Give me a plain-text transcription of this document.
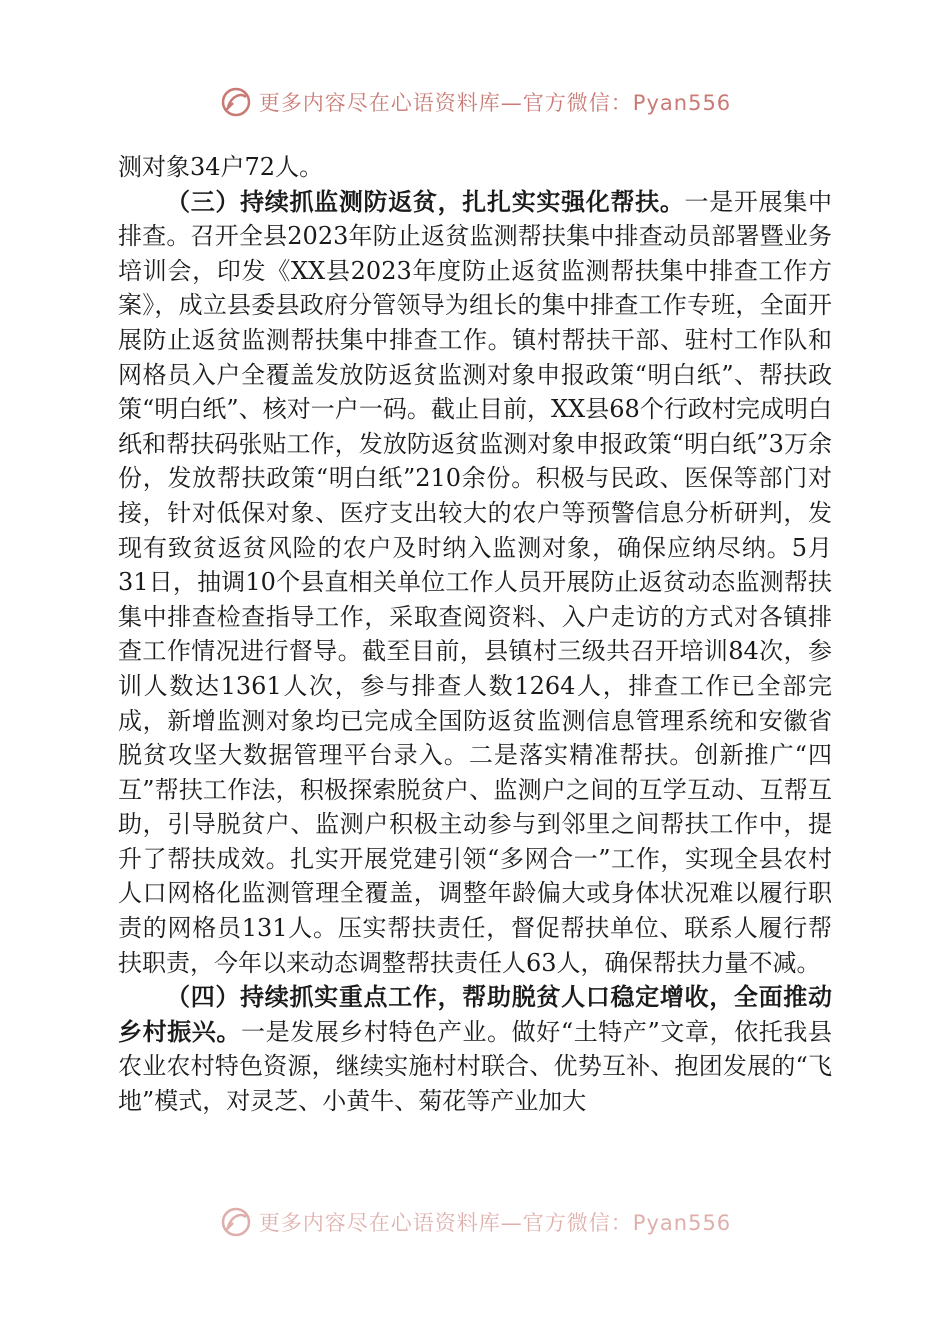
更多内容尽在心语资料库—官方微信：Pyan556

测对象34户72人。

（三）持续抓监测防返贫，扎扎实实强化帮扶。一是开展集中排查。召开全县2023年防止返贫监测帮扶集中排查动员部署暨业务培训会，印发《XX县2023年度防止返贫监测帮扶集中排查工作方案》，成立县委县政府分管领导为组长的集中排查工作专班，全面开展防止返贫监测帮扶集中排查工作。镇村帮扶干部、驻村工作队和网格员入户全覆盖发放防返贫监测对象申报政策“明白纸”、帮扶政策“明白纸”、核对一户一码。截止目前，XX县68个行政村完成明白纸和帮扶码张贴工作，发放防返贫监测对象申报政策“明白纸”3万余份，发放帮扶政策“明白纸”210余份。积极与民政、医保等部门对接，针对低保对象、医疗支出较大的农户等预警信息分析研判，发现有致贫返贫风险的农户及时纳入监测对象，确保应纳尽纳。5月31日，抽调10个县直相关单位工作人员开展防止返贫动态监测帮扶集中排查检查指导工作，采取查阅资料、入户走访的方式对各镇排查工作情况进行督导。截至目前，县镇村三级共召开培训84次，参训人数达1361人次，参与排查人数1264人，排查工作已全部完成，新增监测对象均已完成全国防返贫监测信息管理系统和安徽省脱贫攻坚大数据管理平台录入。二是落实精准帮扶。创新推广“四互”帮扶工作法，积极探索脱贫户、监测户之间的互学互动、互帮互助，引导脱贫户、监测户积极主动参与到邻里之间帮扶工作中，提升了帮扶成效。扎实开展党建引领“多网合一”工作，实现全县农村人口网格化监测管理全覆盖，调整年龄偏大或身体状况难以履行职责的网格员131人。压实帮扶责任，督促帮扶单位、联系人履行帮扶职责，今年以来动态调整帮扶责任人63人，确保帮扶力量不减。

（四）持续抓实重点工作，帮助脱贫人口稳定增收，全面推动乡村振兴。一是发展乡村特色产业。做好“土特产”文章，依托我县农业农村特色资源，继续实施村村联合、优势互补、抱团发展的“飞地”模式，对灵芝、小黄牛、菊花等产业加大

更多内容尽在心语资料库—官方微信：Pyan556
